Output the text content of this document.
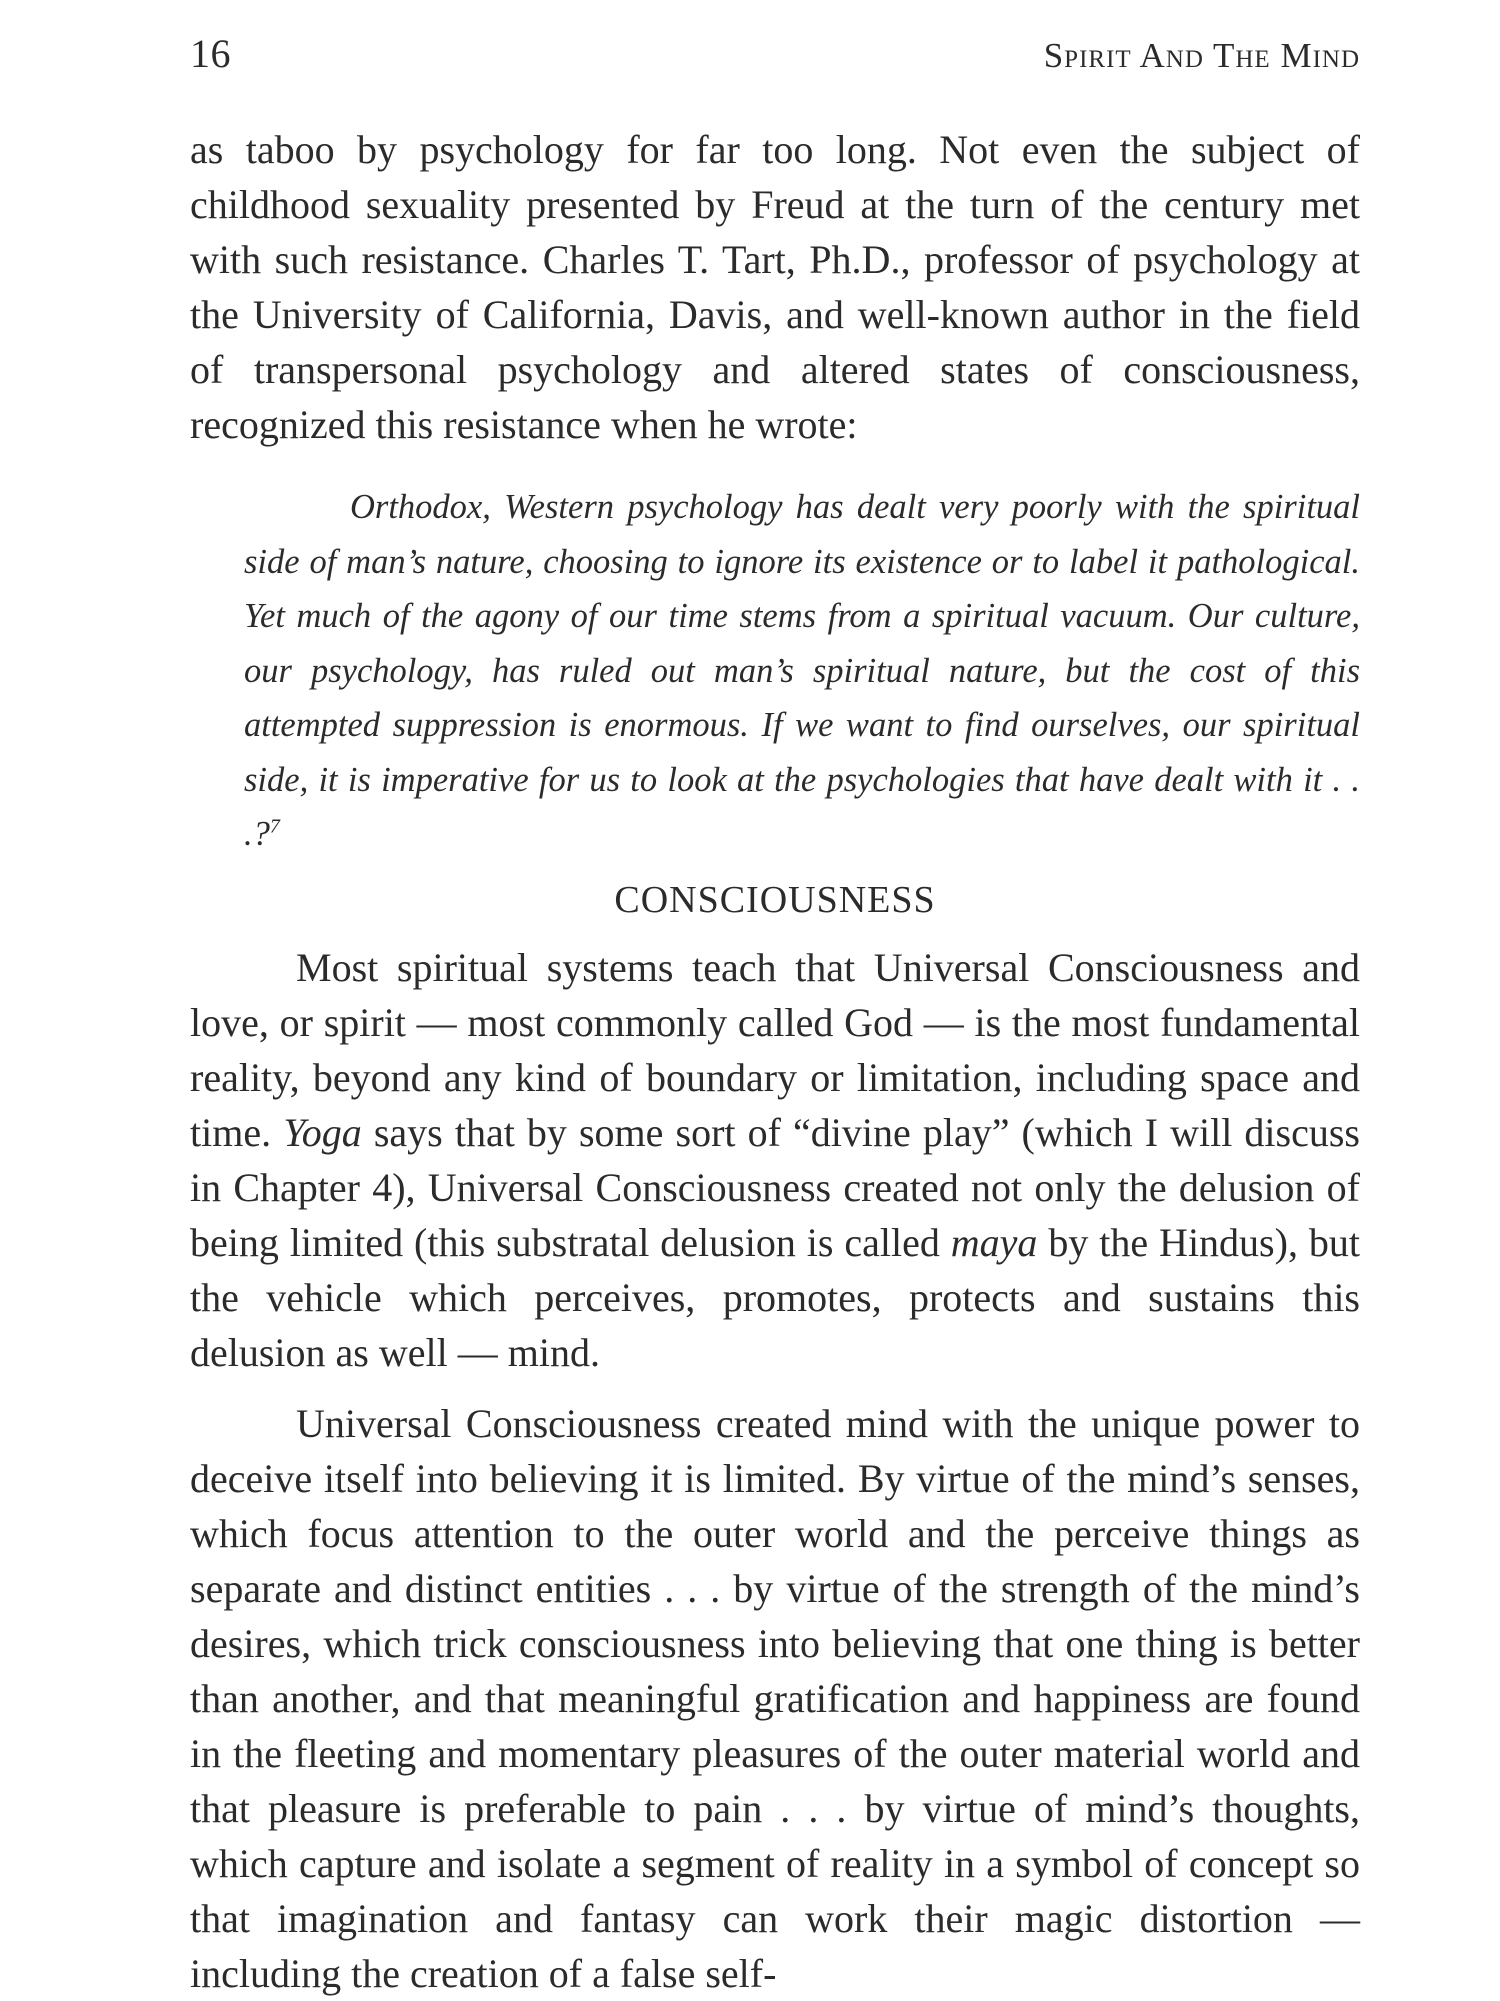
16	Spirit And The Mind

as taboo by psychology for far too long. Not even the subject of childhood sexuality presented by Freud at the turn of the century met with such resistance. Charles T. Tart, Ph.D., professor of psychology at the University of California, Davis, and well-known author in the field of transpersonal psychology and altered states of consciousness, recognized this resistance when he wrote:

Orthodox, Western psychology has dealt very poorly with the spiritual side of man’s nature, choosing to ignore its existence or to label it pathological. Yet much of the agony of our time stems from a spiritual vacuum. Our culture, our psychology, has ruled out man’s spiritual nature, but the cost of this attempted suppression is enormous. If we want to find ourselves, our spiritual side, it is imperative for us to look at the psychologies that have dealt with it . . .?$^7$
CONSCIOUSNESS

Most spiritual systems teach that Universal Consciousness and love, or spirit — most commonly called God — is the most fundamental reality, beyond any kind of boundary or limitation, including space and time. Yoga says that by some sort of “divine play” (which I will discuss in Chapter 4), Universal Consciousness created not only the delusion of being limited (this substratal delusion is called maya by the Hindus), but the vehicle which perceives, promotes, protects and sustains this delusion as well — mind.

Universal Consciousness created mind with the unique power to deceive itself into believing it is limited. By virtue of the mind’s senses, which focus attention to the outer world and the perceive things as separate and distinct entities . . . by virtue of the strength of the mind’s desires, which trick consciousness into believing that one thing is better than another, and that meaningful gratification and happiness are found in the fleeting and momentary pleasures of the outer material world and that pleasure is preferable to pain . . . by virtue of mind’s thoughts, which capture and isolate a segment of reality in a symbol of concept so that imagination and fantasy can work their magic distortion — including the creation of a false self-
